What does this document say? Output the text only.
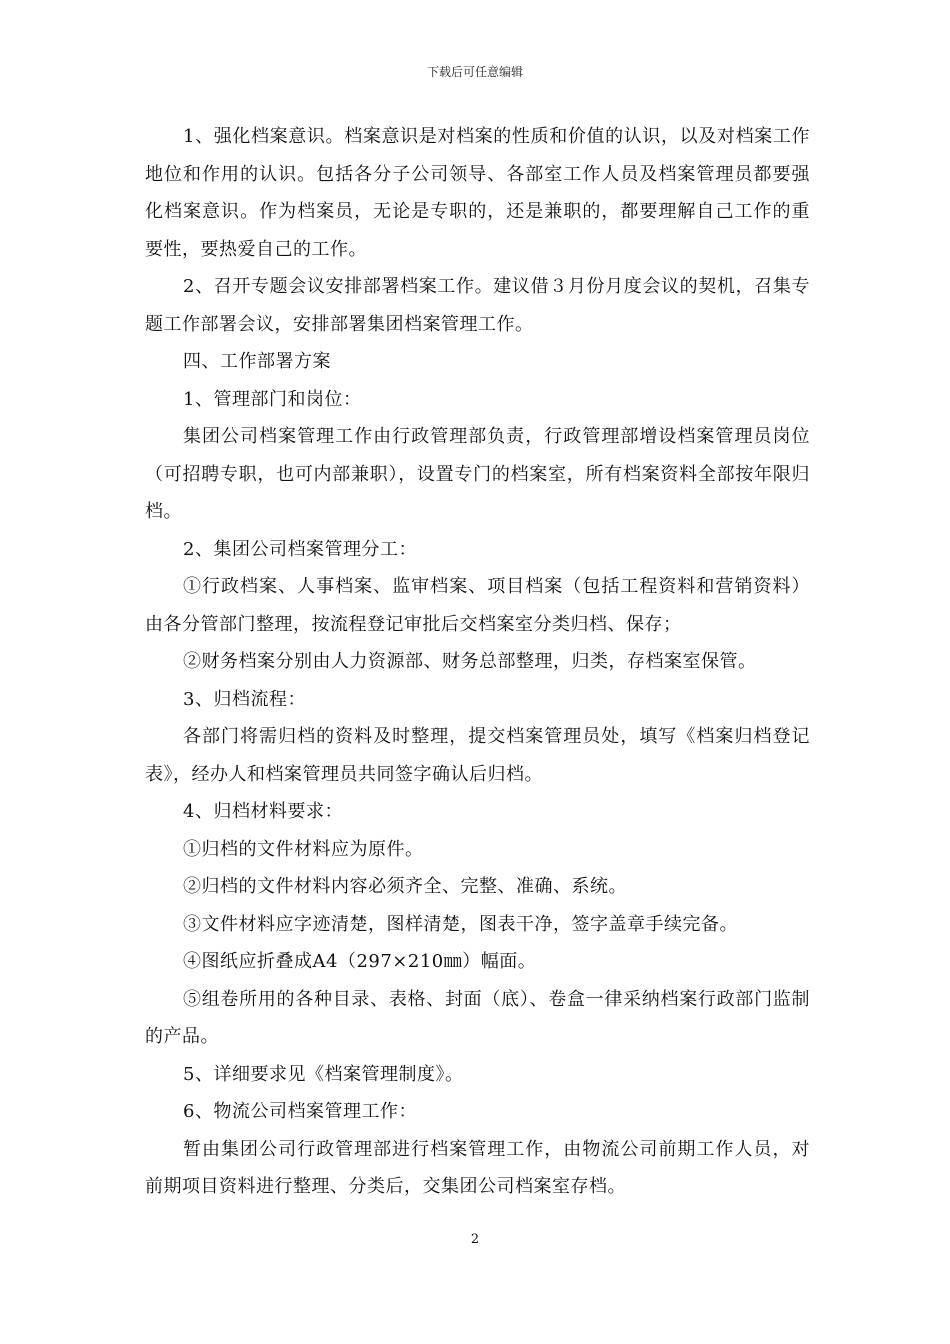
下载后可任意编辑

1、强化档案意识。档案意识是对档案的性质和价值的认识，以及对档案工作地位和作用的认识。包括各分子公司领导、各部室工作人员及档案管理员都要强化档案意识。作为档案员，无论是专职的，还是兼职的，都要理解自己工作的重要性，要热爱自己的工作。

2、召开专题会议安排部署档案工作。建议借３月份月度会议的契机，召集专题工作部署会议，安排部署集团档案管理工作。

四、工作部署方案

1、管理部门和岗位：

集团公司档案管理工作由行政管理部负责，行政管理部增设档案管理员岗位（可招聘专职，也可内部兼职），设置专门的档案室，所有档案资料全部按年限归档。

2、集团公司档案管理分工：

①行政档案、人事档案、监审档案、项目档案（包括工程资料和营销资料）由各分管部门整理，按流程登记审批后交档案室分类归档、保存；

②财务档案分别由人力资源部、财务总部整理，归类，存档案室保管。

3、归档流程：

各部门将需归档的资料及时整理，提交档案管理员处，填写《档案归档登记表》，经办人和档案管理员共同签字确认后归档。

4、归档材料要求：

①归档的文件材料应为原件。

②归档的文件材料内容必须齐全、完整、准确、系统。

③文件材料应字迹清楚，图样清楚，图表干净，签字盖章手续完备。

④图纸应折叠成A4（297×210㎜）幅面。

⑤组卷所用的各种目录、表格、封面（底）、卷盒一律采纳档案行政部门监制的产品。

5、详细要求见《档案管理制度》。

6、物流公司档案管理工作：

暂由集团公司行政管理部进行档案管理工作，由物流公司前期工作人员，对前期项目资料进行整理、分类后，交集团公司档案室存档。

2
